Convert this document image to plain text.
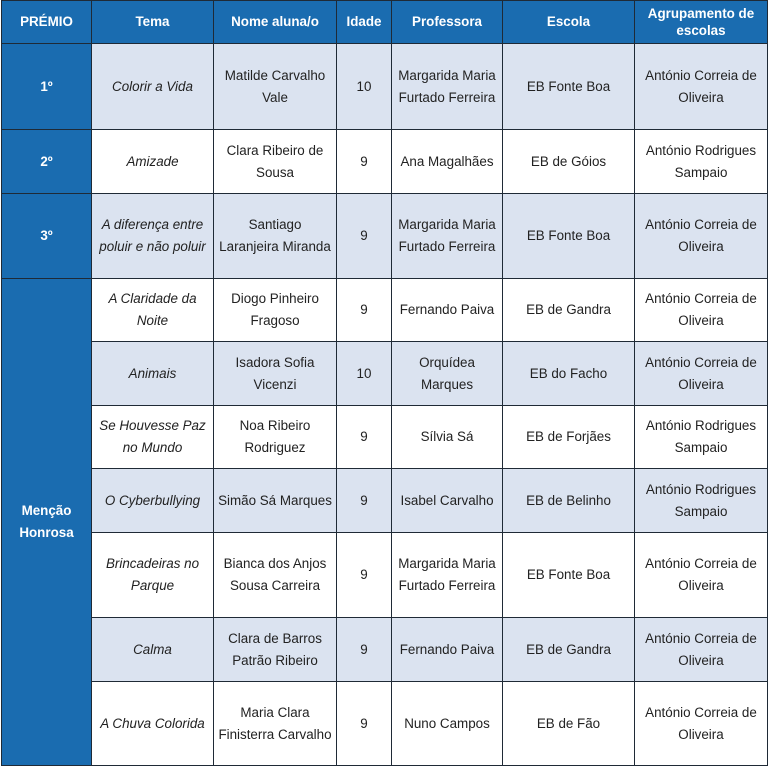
PRÉMIO	Tema	Nome aluna/o	Idade	Professora	Escola	Agrupamento de escolas
1º	Colorir a Vida	Matilde Carvalho Vale	10	Margarida Maria Furtado Ferreira	EB Fonte Boa	António Correia de Oliveira
2º	Amizade	Clara Ribeiro de Sousa	9	Ana Magalhães	EB de Góios	António Rodrigues Sampaio
3º	A diferença entre poluir e não poluir	Santiago Laranjeira Miranda	9	Margarida Maria Furtado Ferreira	EB Fonte Boa	António Correia de Oliveira
Menção Honrosa	A Claridade da Noite	Diogo Pinheiro Fragoso	9	Fernando Paiva	EB de Gandra	António Correia de Oliveira
	Animais	Isadora Sofia Vicenzi	10	Orquídea Marques	EB do Facho	António Correia de Oliveira
	Se Houvesse Paz no Mundo	Noa Ribeiro Rodriguez	9	Sílvia Sá	EB de Forjães	António Rodrigues Sampaio
	O Cyberbullying	Simão Sá Marques	9	Isabel Carvalho	EB de Belinho	António Rodrigues Sampaio
	Brincadeiras no Parque	Bianca dos Anjos Sousa Carreira	9	Margarida Maria Furtado Ferreira	EB Fonte Boa	António Correia de Oliveira
	Calma	Clara de Barros Patrão Ribeiro	9	Fernando Paiva	EB de Gandra	António Correia de Oliveira
	A Chuva Colorida	Maria Clara Finisterra Carvalho	9	Nuno Campos	EB de Fão	António Correia de Oliveira
